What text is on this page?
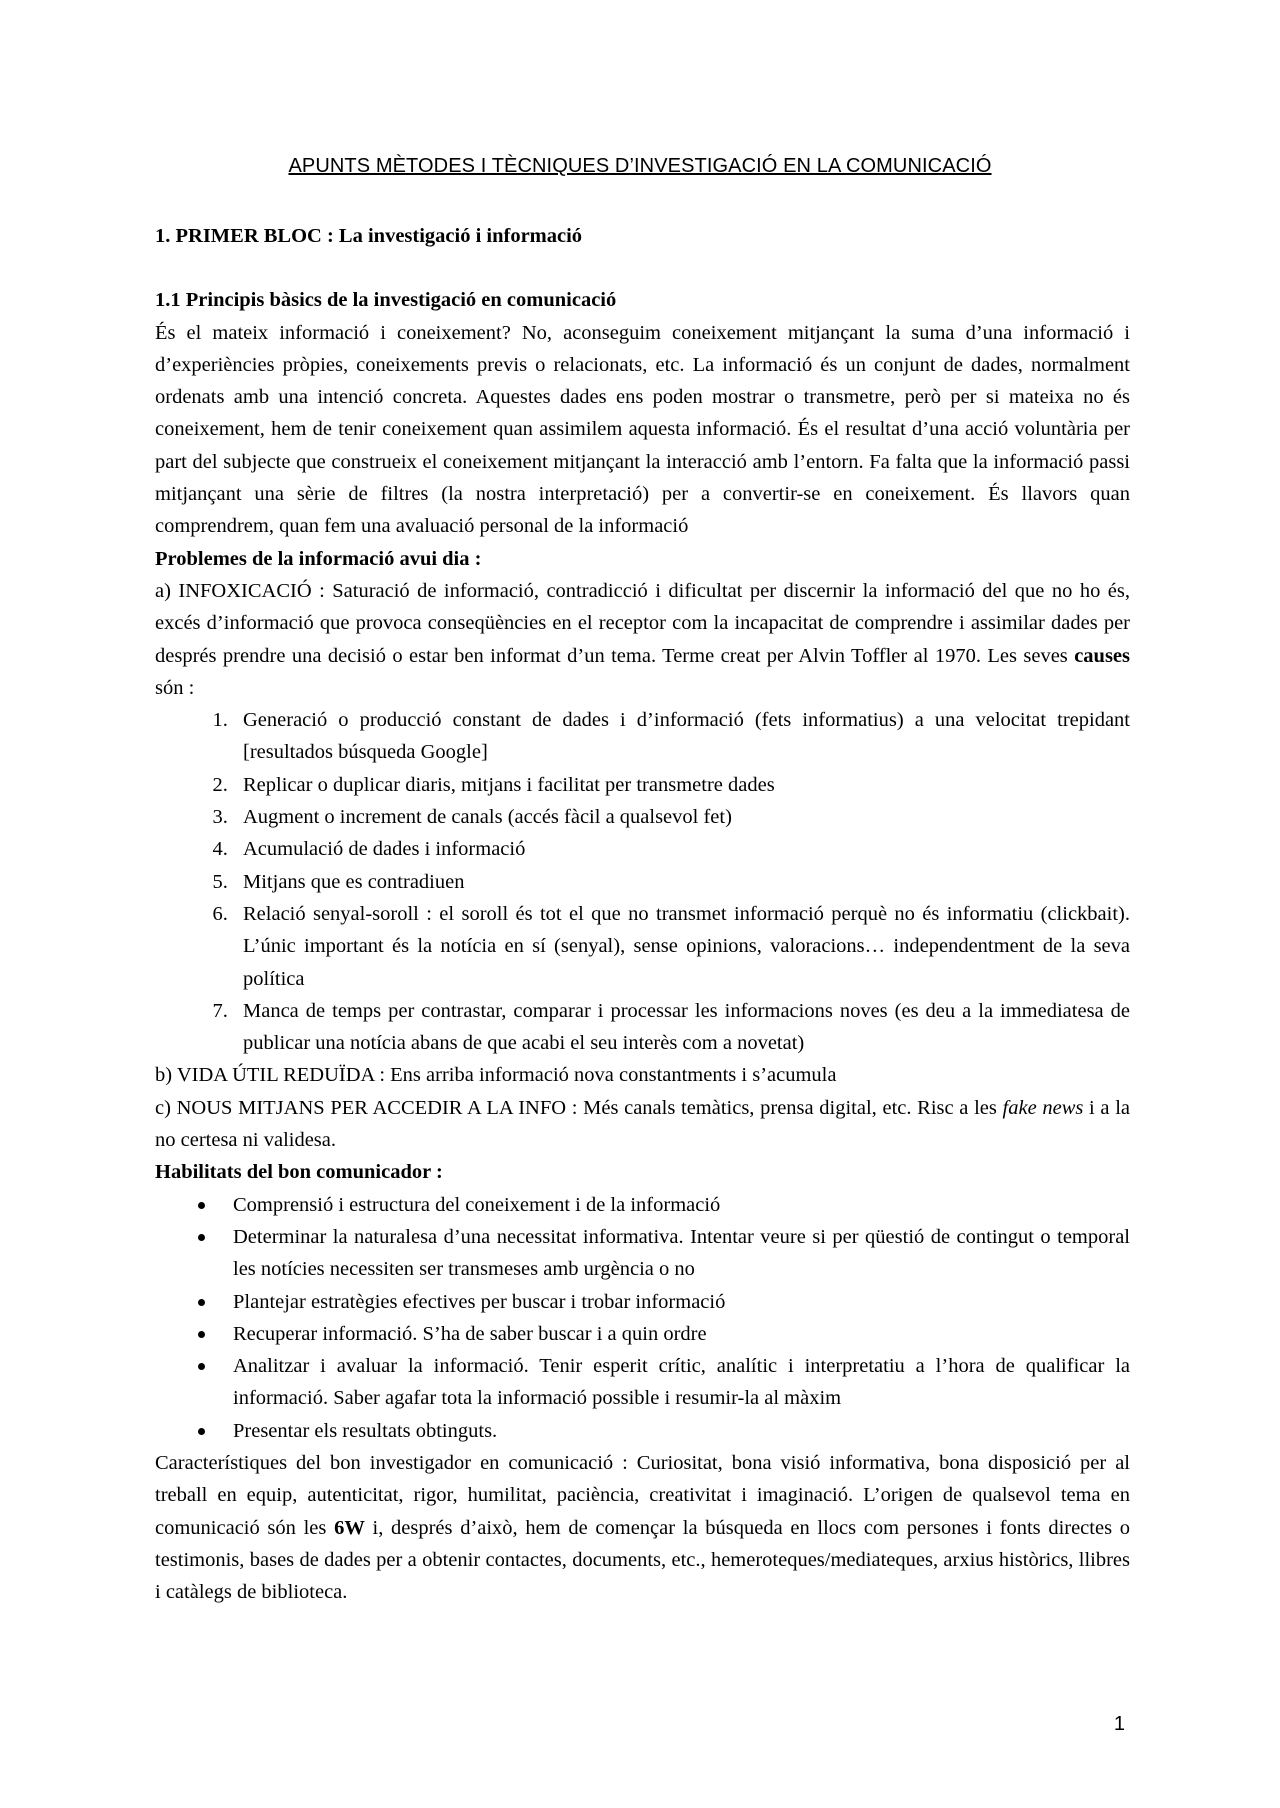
APUNTS MÈTODES I TÈCNIQUES D’INVESTIGACIÓ EN LA COMUNICACIÓ

1. PRIMER BLOC : La investigació i informació

1.1 Principis bàsics de la investigació en comunicació

És el mateix informació i coneixement? No, aconseguim coneixement mitjançant la suma d’una informació i d’experiències pròpies, coneixements previs o relacionats, etc. La informació és un conjunt de dades, normalment ordenats amb una intenció concreta. Aquestes dades ens poden mostrar o transmetre, però per si mateixa no és coneixement, hem de tenir coneixement quan assimilem aquesta informació. És el resultat d’una acció voluntària per part del subjecte que construeix el coneixement mitjançant la interacció amb l’entorn. Fa falta que la informació passi mitjançant una sèrie de filtres (la nostra interpretació) per a convertir-se en coneixement. És llavors quan comprendrem, quan fem una avaluació personal de la informació

Problemes de la informació avui dia :

a) INFOXICACIÓ : Saturació de informació, contradicció i dificultat per discernir la informació del que no ho és, excés d’informació que provoca conseqüències en el receptor com la incapacitat de comprendre i assimilar dades per després prendre una decisió o estar ben informat d’un tema. Terme creat per Alvin Toffler al 1970. Les seves causes són :

1. Generació o producció constant de dades i d’informació (fets informatius) a una velocitat trepidant [resultados búsqueda Google]
2. Replicar o duplicar diaris, mitjans i facilitat per transmetre dades
3. Augment o increment de canals (accés fàcil a qualsevol fet)
4. Acumulació de dades i informació
5. Mitjans que es contradiuen
6. Relació senyal-soroll : el soroll és tot el que no transmet informació perquè no és informatiu (clickbait). L’únic important és la notícia en sí (senyal), sense opinions, valoracions… independentment de la seva política
7. Manca de temps per contrastar, comparar i processar les informacions noves (es deu a la immediatesa de publicar una notícia abans de que acabi el seu interès com a novetat)

b) VIDA ÚTIL REDUÏDA : Ens arriba informació nova constantments i s’acumula

c) NOUS MITJANS PER ACCEDIR A LA INFO : Més canals temàtics, prensa digital, etc. Risc a les fake news i a la no certesa ni validesa.

Habilitats del bon comunicador :

Comprensió i estructura del coneixement i de la informació
Determinar la naturalesa d’una necessitat informativa. Intentar veure si per qüestió de contingut o temporal les notícies necessiten ser transmeses amb urgència o no
Plantejar estratègies efectives per buscar i trobar informació
Recuperar informació. S’ha de saber buscar i a quin ordre
Analitzar i avaluar la informació. Tenir esperit crític, analític i interpretatiu a l’hora de qualificar la informació. Saber agafar tota la informació possible i resumir-la al màxim
Presentar els resultats obtinguts.

Característiques del bon investigador en comunicació : Curiositat, bona visió informativa, bona disposició per al treball en equip, autenticitat, rigor, humilitat, paciència, creativitat i imaginació. L’origen de qualsevol tema en comunicació són les 6W i, després d’això, hem de començar la búsqueda en llocs com persones i fonts directes o testimonis, bases de dades per a obtenir contactes, documents, etc., hemeroteques/mediateques, arxius històrics, llibres i catàlegs de biblioteca.

1
